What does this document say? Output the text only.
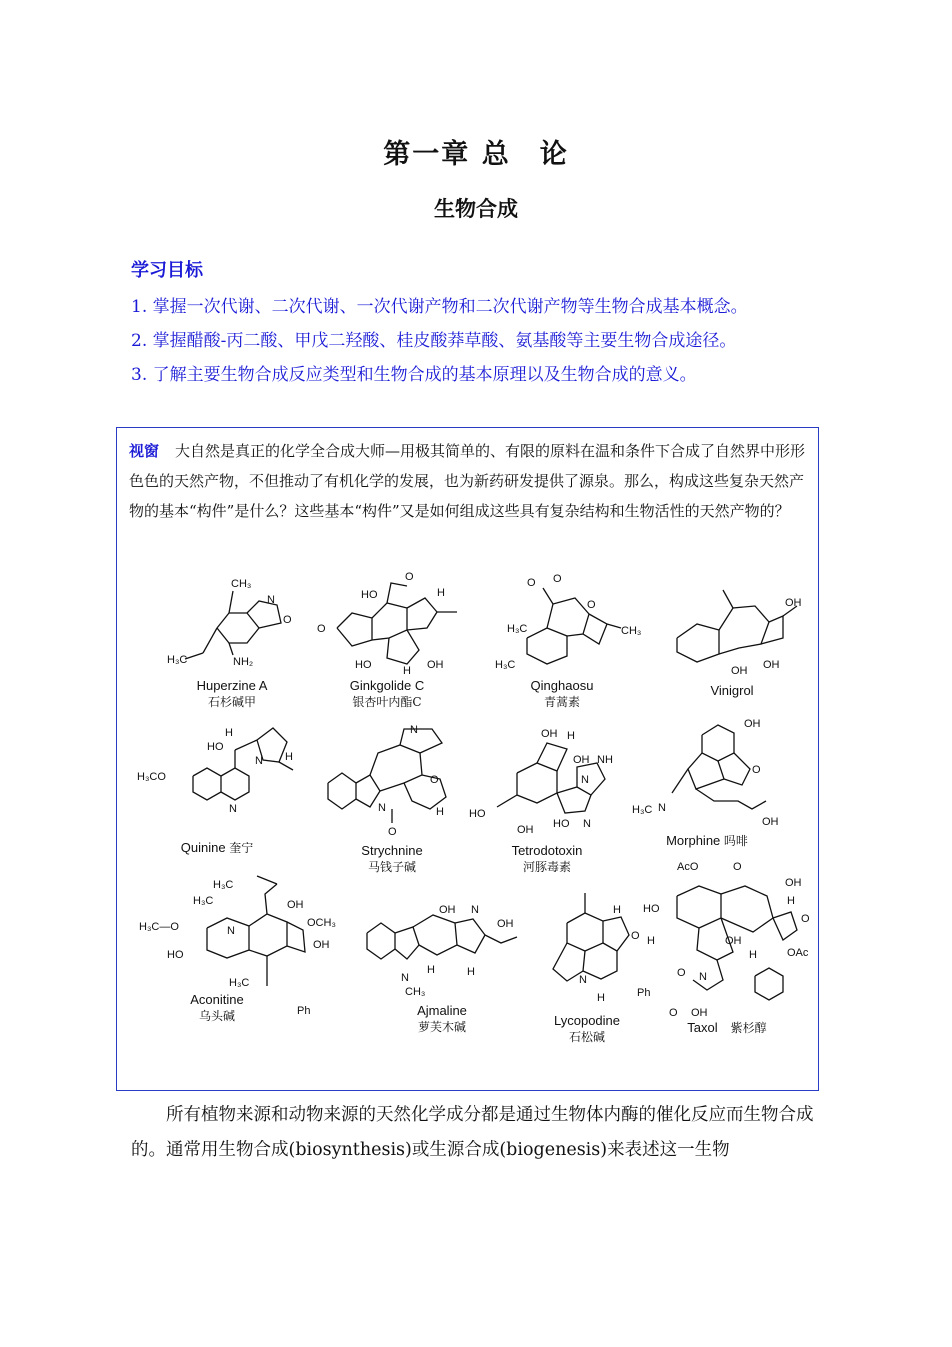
第一章 总　论
生物合成
学习目标
1. 掌握一次代谢、二次代谢、一次代谢产物和二次代谢产物等生物合成基本概念。
2. 掌握醋酸-丙二酸、甲戊二羟酸、桂皮酸莽草酸、氨基酸等主要生物合成途径。
3. 了解主要生物合成反应类型和生物合成的基本原理以及生物合成的意义。
视窗 大自然是真正的化学全合成大师—用极其简单的、有限的原料在温和条件下合成了自然界中形形色色的天然产物，不但推动了有机化学的发展，也为新药研发提供了源泉。那么，构成这些复杂天然产物的基本“构件”是什么？这些基本“构件”又是如何组成这些具有复杂结构和生物活性的天然产物的？
CH₃
N
O
NH₂
H₃C
Huperzine A
石杉碱甲
HO
O
O
H
HO	H OH
Ginkgolide C
银杏叶内酯C
O O
O
H₃C	CH₃
H₃C
Qinghaosu
青蒿素
OH
OH OH
Vinigrol
HO
H
H₃CO
N
N H
Quinine 奎宁
N
N
O
O
H
Strychnine
马钱子碱
OH H
OH NH
N
HO
OH HO N
Tetrodotoxin
河豚毒素
OH
O
H₃C N
OH
Morphine 吗啡
H₃C
OH
OCH₃
H₃C
H₃C—O	N
OH
HO
H₃C
Ph
Aconitine
乌头碱
OH N
OH
N
CH₃
H	H
Ajmaline
萝芙木碱
H
O
N
H
Lycopodine
石松碱
AcO	O
OH
HO
H
O
H	OH
H	OAc
Ph
O N
O OH
Taxol　 紫杉醇
所有植物来源和动物来源的天然化学成分都是通过生物体内酶的催化反应而生物合成的。通常用生物合成(biosynthesis)或生源合成(biogenesis)来表述这一生物
